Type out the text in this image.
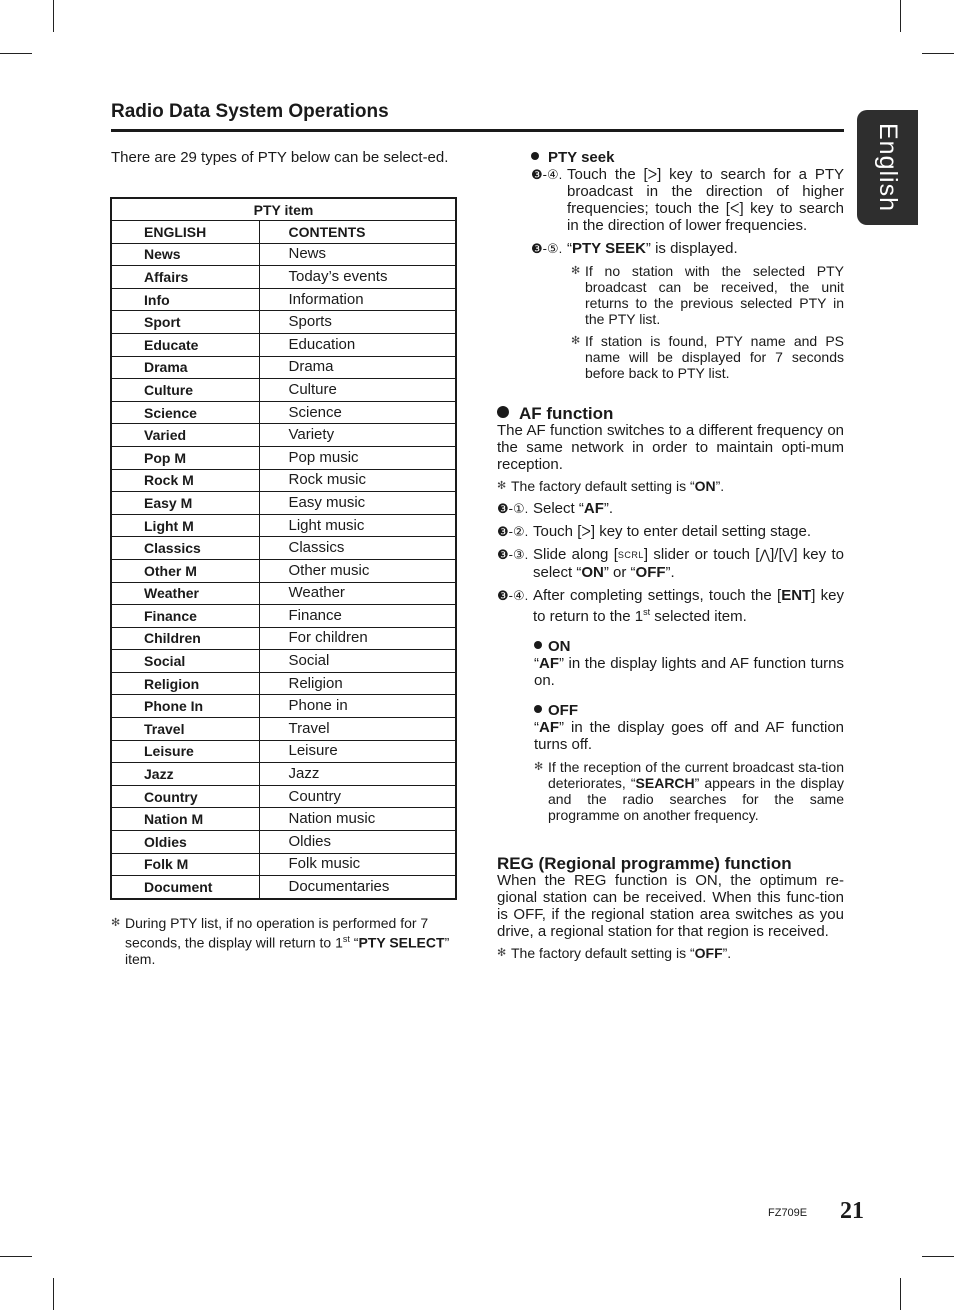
Radio Data System Operations
English
There are 29 types of PTY below can be select-ed.
PTY item	
ENGLISH	CONTENTS
News	News
Affairs	Today’s events
Info	Information
Sport	Sports
Educate	Education
Drama	Drama
Culture	Culture
Science	Science
Varied	Variety
Pop M	Pop music
Rock M	Rock music
Easy M	Easy music
Light M	Light music
Classics	Classics
Other M	Other music
Weather	Weather
Finance	Finance
Children	For children
Social	Social
Religion	Religion
Phone In	Phone in
Travel	Travel
Leisure	Leisure
Jazz	Jazz
Country	Country
Nation M	Nation music
Oldies	Oldies
Folk M	Folk music
Document	Documentaries
✻ During PTY list, if no operation is performed for 7 seconds, the display will return to 1st “PTY SELECT” item.
PTY seek
❸-④. Touch the [ᐳ] key to search for a PTY broadcast in the direction of higher frequencies; touch the [ᐸ] key to search in the direction of lower frequencies.
❸-⑤. “PTY SEEK” is displayed.
✻ If no station with the selected PTY broadcast can be received, the unit returns to the previous selected PTY in the PTY list.
✻ If station is found, PTY name and PS name will be displayed for 7 seconds before back to PTY list.
AF function
The AF function switches to a different frequency on the same network in order to maintain opti-mum reception.
✻ The factory default setting is “ON”.
❸-①. Select “AF”.
❸-②. Touch [ᐳ] key to enter detail setting stage.
❸-③. Slide along [SCRL] slider or touch [⋀]/[⋁] key to select “ON” or “OFF”.
❸-④. After completing settings, touch the [ENT] key to return to the 1st selected item.
ON
“AF” in the display lights and AF function turns on.
OFF
“AF” in the display goes off and AF function turns off.
✻ If the reception of the current broadcast sta-tion deteriorates, “SEARCH” appears in the display and the radio searches for the same programme on another frequency.
REG (Regional programme) function
When the REG function is ON, the optimum re-gional station can be received. When this func-tion is OFF, if the regional station area switches as you drive, a regional station for that region is received.
✻ The factory default setting is “OFF”.
FZ709E 21
